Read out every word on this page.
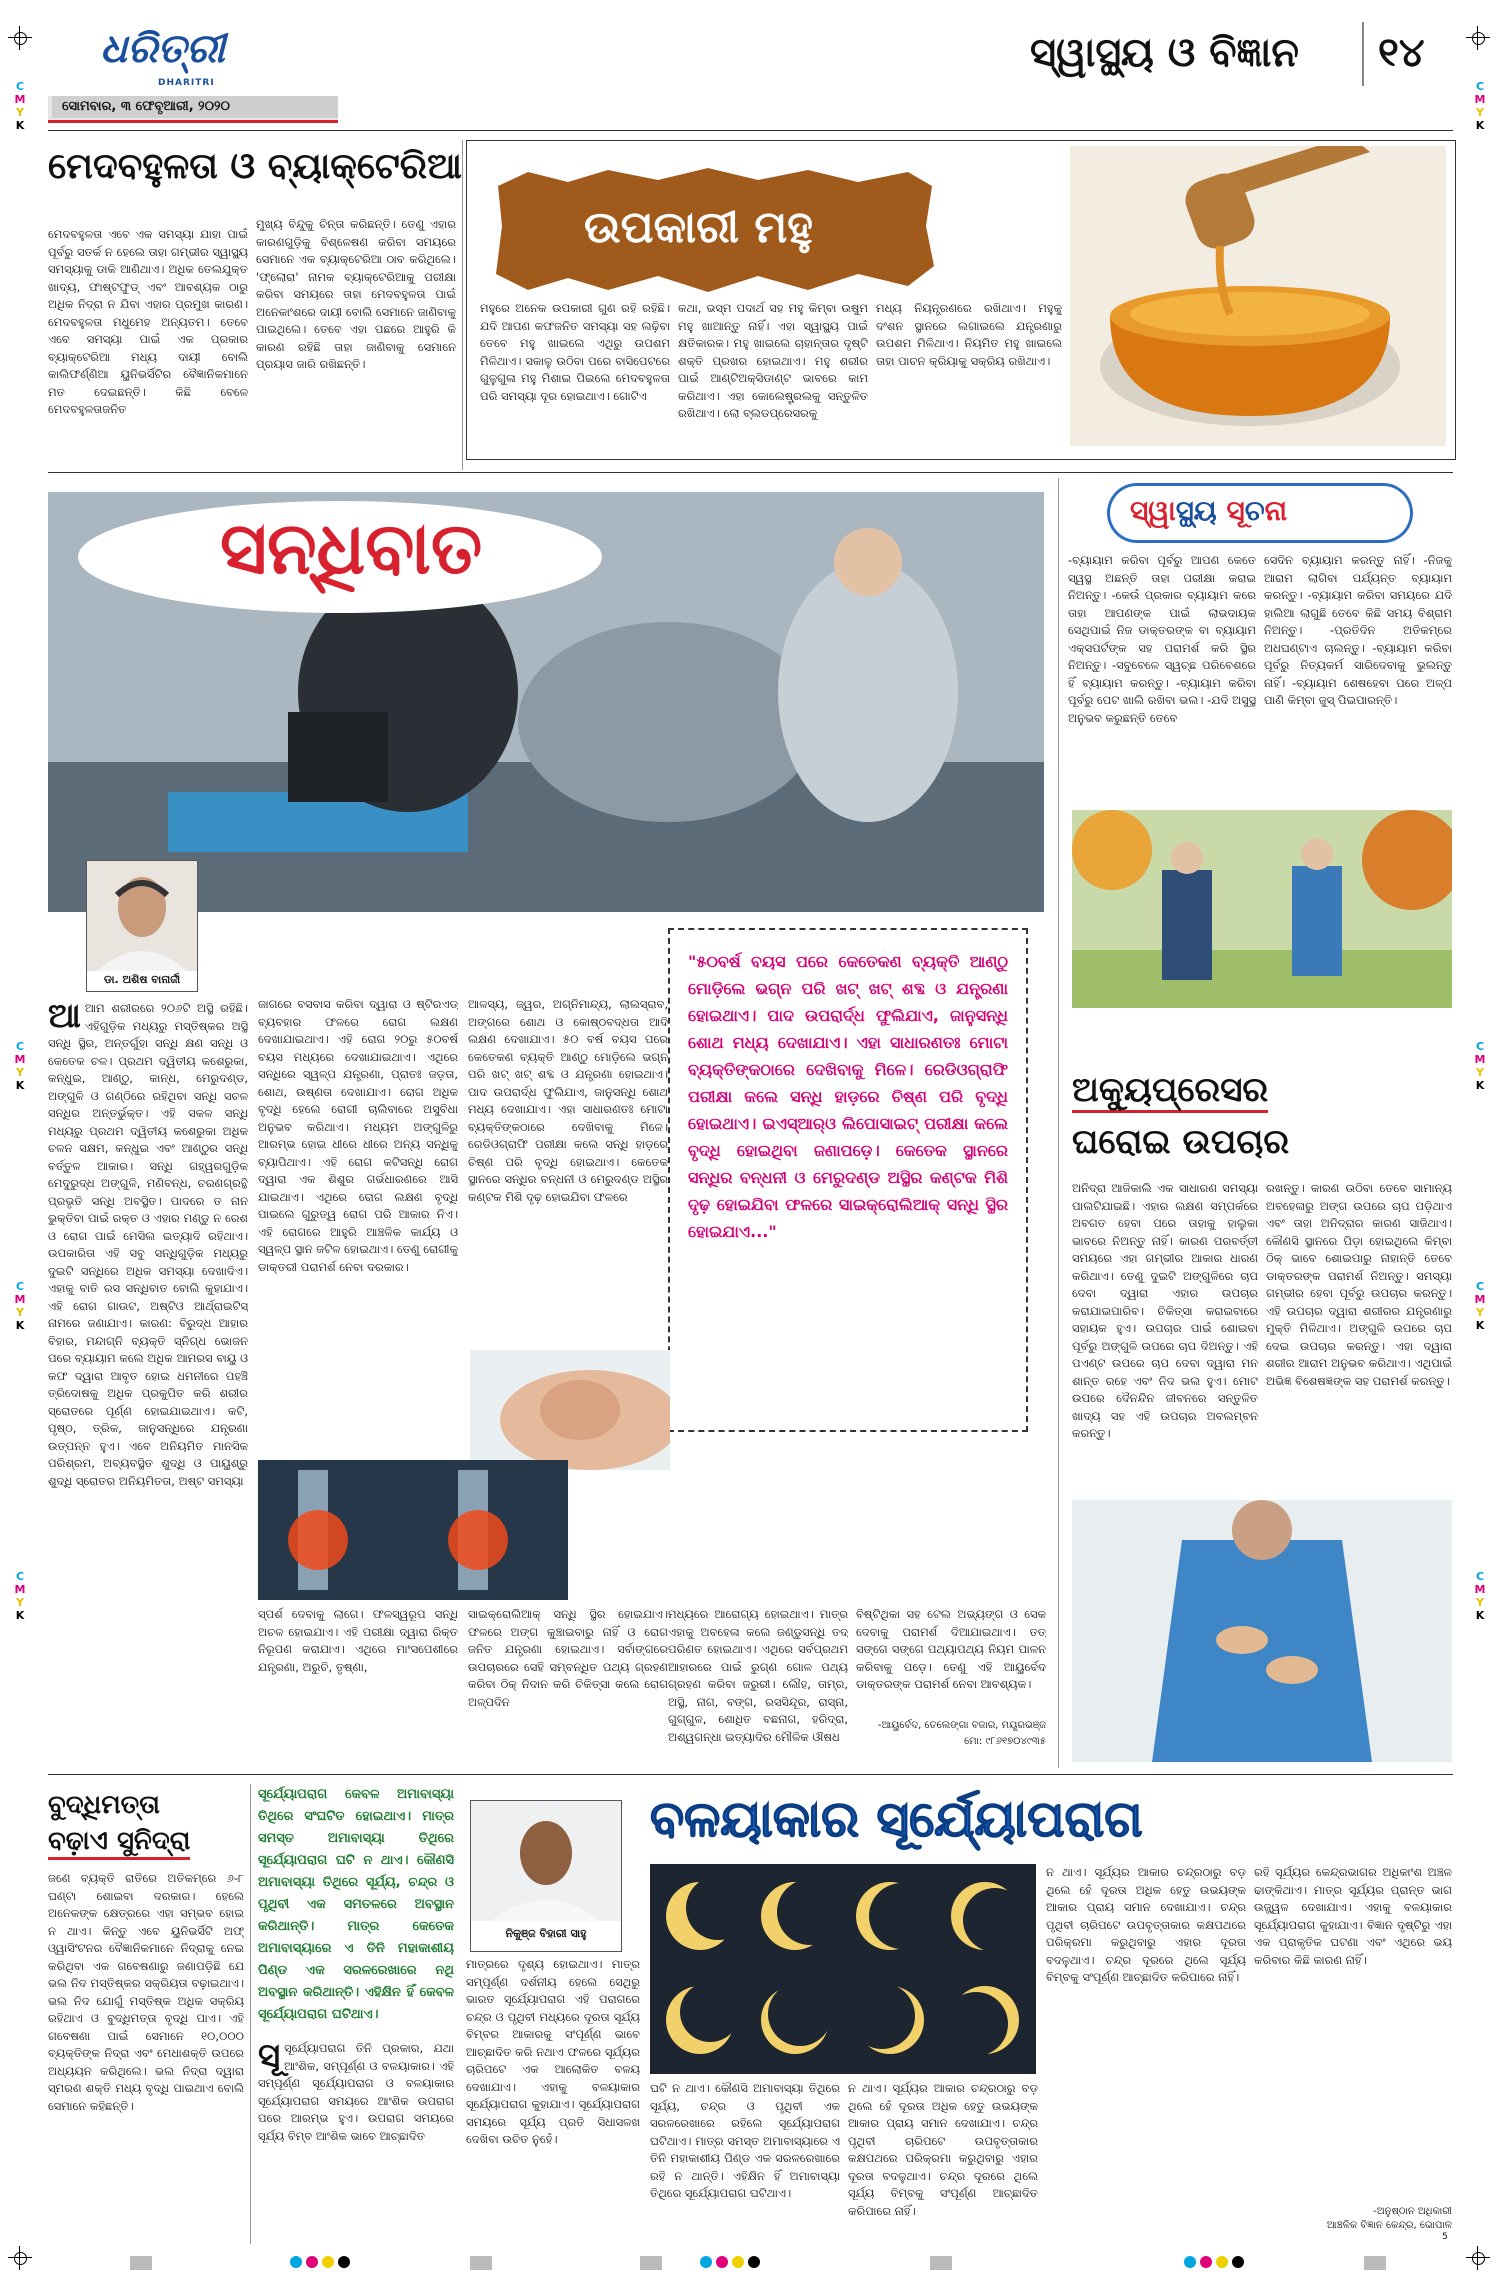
C
M
Y
K
C
M
Y
K
C
M
Y
K
C
M
Y
K
C
M
Y
K
C
M
Y
K
C
M
Y
K
C
M
Y
K
ଧରିତ୍ରୀ
DHARITRI
ସୋମବାର, ୩ ଫେବୃଆରୀ, ୨୦୨୦
ସ୍ୱାସ୍ଥ୍ୟ ଓ ବିଜ୍ଞାନ ୧୪
ମେଦବହୁଳତା ଓ ବ୍ୟାକ୍ଟେରିଆ

ମେଦବହୁଳତା ଏବେ ଏକ ସମସ୍ୟା ଯାହା ପାଇଁ ପୂର୍ବରୁ ସତର୍କ ନ ହେଲେ ତାହା ଗମ୍ଭୀର ସ୍ୱାସ୍ଥ୍ୟ ସମସ୍ୟାକୁ ଡାକି ଆଣିଥାଏ। ଅଧିକ ତେଲଯୁକ୍ତ ଖାଦ୍ୟ, ଫାଷ୍ଟଫୁଡ୍ ଏବଂ ଆବଶ୍ୟକ ଠାରୁ ଅଧିକ ନିଦ୍ରା ନ ଯିବା ଏହାର ପ୍ରମୁଖ କାରଣ। ମେଦବହୁଳତା ମଧୁମେହ ଅନ୍ୟତମ। ତେବେ ଏବେ ସମସ୍ୟା ପାଇଁ ଏକ ପ୍ରକାର ବ୍ୟାକ୍ଟେରିଆ ମଧ୍ୟ ଦାୟୀ ବୋଲି କାଲିଫର୍ଣ୍ଣିଆ ୟୁନିଭର୍ସିଟିର ବୈଜ୍ଞାନିକମାନେ ମତ ଦେଇଛନ୍ତି। କିଛି ବେଳେ ମେଦବହୁଳତାଜନିତ

ମୁଖ୍ୟ ବିନ୍ଦୁକୁ ଚିନ୍ତା କରିଛନ୍ତି। ତେଣୁ ଏହାର କାରଣଗୁଡ଼ିକୁ ବିଶ୍ଳେଷଣ କରିବା ସମୟରେ ସେମାନେ ଏକ ବ୍ୟାକ୍ଟେରିଆ ଠାବ କରିଥିଲେ। 'ଫ୍ଲୋରା' ନାମକ ବ୍ୟାକ୍ଟେରିଆକୁ ପରୀକ୍ଷା କରିବା ସମୟରେ ତାହା ମେଦବହୁଳତା ପାଇଁ ଅନେକାଂଶରେ ଦାୟୀ ବୋଲି ସେମାନେ ଜାଣିବାକୁ ପାଇଥିଲେ। ତେବେ ଏହା ପଛରେ ଆହୁରି କି କାରଣ ରହିଛି ତାହା ଜାଣିବାକୁ ସେମାନେ ପ୍ରୟାସ ଜାରି ରଖିଛନ୍ତି।

ଉପକାରୀ ମହୁ

ମହୁରେ ଅନେକ ଉପକାରୀ ଗୁଣ ରହି ରହିଛି। ଯଦି ଆପଣ କଫଜନିତ ସମସ୍ୟା ସହ ଲଢ଼ିବା ତେବେ ମହୁ ଖାଇଲେ ଏଥିରୁ ଉପଶମ ମିଳିଥାଏ। ସକାଳୁ ଉଠିବା ପରେ ବାସିପେଟରେ ଗୁଳୁଗୁଳା ମହୁ ମିଶାଇ ପିଇଲେ ମେଦବହୁଳତା ପରି ସମସ୍ୟା ଦୂର ହୋଇଥାଏ। ଗୋଟିଏ

କଥା, ଭସ୍ମ ପଦାର୍ଥ ସହ ମହୁ କିମ୍ବା ଉଷୁମ ମହୁ ଖାଆନ୍ତୁ ନାହିଁ। ଏହା ସ୍ୱାସ୍ଥ୍ୟ ପାଇଁ କ୍ଷତିକାରକ। ମହୁ ଖାଇଲେ ଚାହାନ୍ତାର ଦୃଷ୍ଟି ଶକ୍ତି ପ୍ରଖର ହୋଇଥାଏ। ମହୁ ଶରୀର ପାଇଁ ଆଣ୍ଟିଅକ୍ସିଡାଣ୍ଟ ଭାବରେ କାମ କରିଥାଏ। ଏହା କୋଲେଷ୍ଟ୍ରଲକୁ ସନ୍ତୁଳିତ ରଖିଥାଏ। ଲୋ ବ୍ଲଡପ୍ରେସରକୁ

ମଧ୍ୟ ନିୟନ୍ତ୍ରଣରେ ରଖିଥାଏ। ମହୁକୁ ଦଂଶନ ସ୍ଥାନରେ ଲଗାଇଲେ ଯନ୍ତ୍ରଣାରୁ ଉପଶମ ମିଳିଥାଏ। ନିୟମିତ ମହୁ ଖାଇଲେ ତାହା ପାଚନ କ୍ରିୟାକୁ ସକ୍ରିୟ ରଖିଥାଏ।

ସନ୍ଧିବାତ
ଡା. ଅଶିଷ ବାନାର୍ଜୀ
ଆ ଆମ ଶରୀରରେ ୨୦୬ଟି ଅସ୍ଥି ରହିଛି। ଏହିଗୁଡ଼ିକ ମଧ୍ୟରୁ ମସ୍ତିଷ୍କର ଅସ୍ଥି ସନ୍ଧି ସ୍ଥିର, ଅନ୍ତର୍ଗୁହା ସନ୍ଧି କ୍ଷଣ ସନ୍ଧି ଓ କେତେକ ଚଳ। ପ୍ରଥମ ଦ୍ୱିତୀୟ କଶେରୁକା, କନ୍ଧୁଇ, ଆଣ୍ଠୁ, କାନ୍ଧ, ମେରୁଦଣ୍ଡ, ଅଙ୍ଗୁଳି ଓ ଗଣ୍ଠିରେ ରହିଥିବା ସନ୍ଧି ସଚଳ ସନ୍ଧିର ଅନ୍ତର୍ଭୁକ୍ତ। ଏହି ସକଳ ସନ୍ଧି ମଧ୍ୟରୁ ପ୍ରଥମ ଦ୍ୱିତୀୟ କଶେରୁକା ଅଧିକ ଚଳନ ସକ୍ଷମ, କନ୍ଧୁଇ ଏବଂ ଆଣ୍ଠୁର ସନ୍ଧି ବର୍ତ୍ତୁଳ ଆକାର। ସନ୍ଧି ଗହ୍ୱରଗୁଡ଼ିକ ମେଦୁରୁଦ୍ଧ ଅଙ୍ଗୁଳି, ମଣିବନ୍ଧ, ଚରଣଗ୍ରନ୍ଥି ପ୍ରଭୃତି ସନ୍ଧି ଅବସ୍ଥିତ। ପାଦରେ ତ ନାନ ଭୁକ୍ତିବା ପାଇଁ ରକ୍ତ ଓ ଏହାର ମଣ୍ଡୁ ନ ରେଶ ଓ ରୋଗ ପାଇଁ ମେସିଲ ଇତ୍ୟାଦି ରହିଥାଏ। ଉପକାରିତା ଏହି ସବୁ ସନ୍ଧିଗୁଡ଼ିକ ମଧ୍ୟରୁ ଦୁଇଟି ସନ୍ଧିରେ ଅଧିକ ସମସ୍ୟା ଦେଖାଦିଏ। ଏହାକୁ ବାତି ରସ ସନ୍ଧିବାତ ବୋଲି କୁହାଯାଏ। ଏହି ରୋଗ ଗାଉଟ, ଅଷ୍ଟିଓ ଆର୍ଥ୍ରାଇଟିସ୍ ନାମରେ ଜଣାଯାଏ। କାରଣ: ବିରୁଦ୍ଧ ଆହାର ବିହାର, ମନ୍ଦାଗ୍ନି ବ୍ୟକ୍ତି ସ୍ନିଗ୍ଧ ଭୋଜନ ପରେ ବ୍ୟାୟାମ କଲେ ଅଧିକ ଆମରସ ବାୟୁ ଓ କଫ ଦ୍ୱାରା ଆବୃତ ହୋଇ ଧମନୀରେ ପହଞ୍ଚି ତ୍ରିଦୋଷକୁ ଅଧିକ ପ୍ରକୁପିତ କରି ଶରୀର ସ୍ରୋତରେ ପୂର୍ଣ୍ଣ ହୋଇଯାଇଥାଏ। କଟି, ପୃଷ୍ଠ, ତ୍ରିକ, ଜାନୁସନ୍ଧିରେ ଯନ୍ତ୍ରଣା ଉତ୍ପନ୍ନ ହୁଏ। ଏବେ ଅନିୟମିତ ମାନସିକ ପରିଶ୍ରମ, ଅବ୍ୟବସ୍ଥିତ ଶୁଦ୍ଧି ଓ ପାୟୁଶ୍ରୁ ଶୁଦ୍ଧି ସ୍ରୋତର ଅନିୟମିତତା, ଅଷ୍ଟ ସମସ୍ୟା

ଜାଗରେ ବସବାସ କରିବା ଦ୍ୱାରା ଓ ଷ୍ଟିରଏଡ୍ ବ୍ୟବହାର ଫଳରେ ରୋଗ ଲକ୍ଷଣ ଦେଖାଯାଇଥାଏ। ଏହି ରୋଗ ୨୦ରୁ ୫୦ବର୍ଷ ବୟସ ମଧ୍ୟରେ ଦେଖାଯାଇଥାଏ। ଏଥିରେ ସନ୍ଧିରେ ସ୍ୱଳ୍ପ ଯନ୍ତ୍ରଣା, ପ୍ରାତଃ ଜଡ଼ତା, ଶୋଥ, ଉଷ୍ଣତା ଦେଖାଯାଏ। ରୋଗ ଅଧିକ ବୃଦ୍ଧି ହେଲେ ରୋଗୀ ଚାଲିବାରେ ଅସୁବିଧା ଅନୁଭବ କରିଥାଏ। ମଧ୍ୟମ ଅଙ୍ଗୁଳିରୁ ଆରମ୍ଭ ହୋଇ ଧୀରେ ଧୀରେ ଅନ୍ୟ ସନ୍ଧିକୁ ବ୍ୟାପିଥାଏ। ଏହି ରୋଗ କଟିସନ୍ଧି ରୋଗ ଦ୍ୱାରା ଏକ ଶିଶୁର ଗର୍ଭଧାରଣରେ ଆସି ଯାଇଥାଏ। ଏଥିରେ ରୋଗ ଲକ୍ଷଣ ବୃଦ୍ଧି ପାଇଲେ ଗୁରୁତ୍ୱ ରୋଗ ପରି ଆକାର ନିଏ। ଏହି ରୋଗରେ ଆହୁରି ଆଞ୍ଚଳିକ କାର୍ଯ୍ୟ ଓ ସ୍ୱଳ୍ପ ସ୍ଥାନ ଜଟିଳ ହୋଇଥାଏ। ତେଣୁ ରୋଗୀକୁ ଡାକ୍ତରୀ ପରାମର୍ଶ ନେବା ଦରକାର।

ଆଳସ୍ୟ, ଜ୍ୱର, ଅଗ୍ନିମାନ୍ଦ୍ୟ, ଲାଲସ୍ରାବ, ଅଙ୍ଗରେ ଶୋଥ ଓ କୋଷ୍ଠବଦ୍ଧତା ଆଦି ଲକ୍ଷଣ ଦେଖାଯାଏ। ୫୦ ବର୍ଷ ବୟସ ପରେ କେତେକଣ ବ୍ୟକ୍ତି ଆଣ୍ଠୁ ମୋଡ଼ିଲେ ଭଗ୍ନ ପରି ଖଟ୍ ଖଟ୍ ଶବ୍ଦ ଓ ଯନ୍ତ୍ରଣା ହୋଇଥାଏ। ପାଦ ଉପରାର୍ଦ୍ଧ ଫୁଲିଯାଏ, ଜାନୁସନ୍ଧି ଶୋଥ ମଧ୍ୟ ଦେଖାଯାଏ। ଏହା ସାଧାରଣତଃ ମୋଟା ବ୍ୟକ୍ତିଙ୍କଠାରେ ଦେଖିବାକୁ ମିଳେ। ରେଡିଓଗ୍ରାଫି ପରୀକ୍ଷା କଲେ ସନ୍ଧି ହାଡ଼ରେ ଚିଷ୍ଣ ପରି ବୃଦ୍ଧି ହୋଇଥାଏ। କେତେକ ସ୍ଥାନରେ ସନ୍ଧିର ବନ୍ଧନୀ ଓ ମେରୁଦଣ୍ଡ ଅସ୍ଥିର କଣ୍ଟକ ମିଶି ଦୃଢ଼ ହୋଇଯିବା ଫଳରେ

"୫୦ବର୍ଷ ବୟସ ପରେ କେତେକଣ ବ୍ୟକ୍ତି ଆଣ୍ଠୁ ମୋଡ଼ିଲେ ଭଗ୍ନ ପରି ଖଟ୍ ଖଟ୍ ଶବ୍ଦ ଓ ଯନ୍ତ୍ରଣା ହୋଇଥାଏ। ପାଦ ଉପରାର୍ଦ୍ଧ ଫୁଲିଯାଏ, ଜାନୁସନ୍ଧି ଶୋଥ ମଧ୍ୟ ଦେଖାଯାଏ। ଏହା ସାଧାରଣତଃ ମୋଟା ବ୍ୟକ୍ତିଙ୍କଠାରେ ଦେଖିବାକୁ ମିଳେ। ରେଡିଓଗ୍ରାଫି ପରୀକ୍ଷା କଲେ ସନ୍ଧି ହାଡ଼ରେ ଚିଷ୍ଣ ପରି ବୃଦ୍ଧି ହୋଇଥାଏ। ଇଏସ୍‌ଆର୍‌ଓ ଲିପୋସାଇଟ୍ ପରୀକ୍ଷା କଲେ ବୃଦ୍ଧି ହୋଇଥିବା ଜଣାପଡ଼େ। କେତେକ ସ୍ଥାନରେ ସନ୍ଧିର ବନ୍ଧନୀ ଓ ମେରୁଦଣ୍ଡ ଅସ୍ଥିର କଣ୍ଟକ ମିଶି ଦୃଢ଼ ହୋଇଯିବା ଫଳରେ ସାଇକ୍ରୋଲିଆକ୍ ସନ୍ଧି ସ୍ଥିର ହୋଇଯାଏ..."

ସ୍ପର୍ଶ ଦେବାକୁ ଲାଗେ। ଫଳସ୍ୱରୂପ ସନ୍ଧି ଅଚଳ ହୋଇଯାଏ। ଏହି ପରୀକ୍ଷା ଦ୍ୱାରା ରିକ୍ତ ନିରୂପଣ କରାଯାଏ। ଏଥିରେ ମାଂସପେଶୀରେ ଯନ୍ତ୍ରଣା, ଅରୁଚି, ତୃଷ୍ଣା,

ସାଇକ୍ରୋଲିଆକ୍ ସନ୍ଧି ସ୍ଥିର ହୋଇଯାଏ। ଫଳରେ ଅଙ୍ଗ କୁଞ୍ଚାଇବାରୁ ନାହିଁ ଓ ରୋଗ ଜନିତ ଯନ୍ତ୍ରଣା ହୋଇଥାଏ। ସର୍ବାଙ୍ଗରେ ଉପଚାରରେ ସେହି ସମ୍ବନ୍ଧିତ ପଥ୍ୟ ଗ୍ରହଣ କରିବା ଠିକ୍ ନିଦାନ କରି ଚିକିତ୍ସା କଲେ ରୋଗ ଅଳ୍ପଦିନ

ମଧ୍ୟରେ ଆରୋଗ୍ୟ ହୋଇଥାଏ। ମାତ୍ର ଏହାକୁ ଅବହେଳା କଲେ ଜଣ୍ଡୁସନ୍ଧି ତଦ୍ ପରିଣତ ହୋଇଥାଏ। ଏଥିରେ ସର୍ବପ୍ରଥମ ଆହାରରେ ପାଇଁ ରୁଗ୍ଣ ଗୋଳ ପଥ୍ୟ ଗ୍ରହଣ କରିବା ଜରୁରୀ। ଲୌହ, ତାମ୍ର, ଅସ୍ଥି, ନାଗ, ବଙ୍ଗ, ରସସିନ୍ଦୂର, ରାସ୍ନା, ଗୁଗ୍ଗୁଳ, ଶୋଧିତ ବଛନାଗ, ହରିଦ୍ରା, ଅଶ୍ୱଗନ୍ଧା ଇତ୍ୟାଦିର ମୌଳିକ ଔଷଧ

ବିଷ୍ଟିଥିକା ସହ ଟେଲ ଅଭ୍ୟଙ୍ଗ ଓ ସେକ ଦେବାକୁ ପରାମର୍ଶ ଦିଆଯାଇଥାଏ। ତତ୍ ସଙ୍ଗେ ସଙ୍ଗେ ପଥ୍ୟାପଥ୍ୟ ନିୟମ ପାଳନ କରିବାକୁ ପଡ଼େ। ତେଣୁ ଏହି ଆୟୁର୍ବେଦ ଡାକ୍ତରଙ୍କ ପରାମର୍ଶ ନେବା ଆବଶ୍ୟକ।

-ଆୟୁର୍ବେଦ, ତେଲେଙ୍ଗା ବଜାର, ମୟୂରଭଞ୍ଜ
ମୋ: ୯୮୬୧୭୦୪୯୩୫
ସ୍ୱାସ୍ଥ୍ୟ ସୂଚନା

-ବ୍ୟାୟାମ କରିବା ପୂର୍ବରୁ ଆପଣ କେତେ ସ୍ୱସ୍ଥ ଅଛନ୍ତି ତାହା ପରୀକ୍ଷା କରାଇ ନିଅନ୍ତୁ। -କେଉଁ ପ୍ରକାର ବ୍ୟାୟାମ କରେ ତାହା ଆପଣଙ୍କ ପାଇଁ ଲାଭଦାୟକ ସେଥିପାଇଁ ନିଜ ଡାକ୍ତରଙ୍କ ବା ବ୍ୟାୟାମ ଏକ୍ସପର୍ଟଙ୍କ ସହ ପରାମର୍ଶ କରି ସ୍ଥିର ନିଅନ୍ତୁ। -ସବୁବେଳେ ସ୍ୱଚ୍ଛ ପରିବେଶରେ ହିଁ ବ୍ୟାୟାମ କରନ୍ତୁ। -ବ୍ୟାୟାମ କରିବା ପୂର୍ବରୁ ପେଟ ଖାଲି ରଖିବା ଭଲ। -ଯଦି ଅସୁସ୍ଥ ଅନୁଭବ କରୁଛନ୍ତି ତେବେ

ସେଦିନ ବ୍ୟାୟାମ କରନ୍ତୁ ନାହିଁ। -ନିଜକୁ ଆରାମ ଲାଗିବା ପର୍ଯ୍ୟନ୍ତ ବ୍ୟାୟାମ କରନ୍ତୁ। -ବ୍ୟାୟାମ କରିବା ସମୟରେ ଯଦି ହାଲିଆ ଲାଗୁଛି ତେବେ କିଛି ସମୟ ବିଶ୍ରାମ ନିଅନ୍ତୁ। -ପ୍ରତିଦିନ ଅତିକମ୍ରେ ଅଧଘଣ୍ଟାଏ ଚାଲନ୍ତୁ। -ବ୍ୟାୟାମ କରିବା ପୂର୍ବରୁ ନିତ୍ୟକର୍ମ ସାରିଦେବାକୁ ଭୁଲନ୍ତୁ ନାହିଁ। -ବ୍ୟାୟାମ ଶେଷହେବା ପରେ ଅଳ୍ପ ପାଣି କିମ୍ବା ଜୁସ୍ ପିଇପାରନ୍ତି।

ଅକ୍ୟୁପ୍ରେସର
ଘରୋଇ ଉପଚାର

ଅନିଦ୍ରା ଆଜିକାଲି ଏକ ସାଧାରଣ ସମସ୍ୟା ପାଲଟିଯାଇଛି। ଏହାର ଲକ୍ଷଣ ସମ୍ପର୍କରେ ଅବଗତ ହେବା ପରେ ତାହାକୁ ହାଲୁକା ଭାବରେ ନିଅନ୍ତୁ ନାହିଁ। କାରଣ ପରବର୍ତ୍ତୀ ସମୟରେ ଏହା ଗମ୍ଭୀର ଆକାର ଧାରଣ କରିଥାଏ। ତେଣୁ ଦୁଇଟି ଅଙ୍ଗୁଳିରେ ଚାପ ଦେବା ଦ୍ୱାରା ଏହାର ଉପଚାର କରାଯାଇପାରିବ। ଚିକିତ୍ସା କରାଇବାରେ ସହାୟକ ହୁଏ। ଉପଚାର ପାଇଁ ଶୋଇବା ପୂର୍ବରୁ ଅଙ୍ଗୁଳି ଉପରେ ଚାପ ଦିଅନ୍ତୁ। ଏହି ପଏଣ୍ଟ ଉପରେ ଚାପ ଦେବା ଦ୍ୱାରା ମନ ଶାନ୍ତ ରହେ ଏବଂ ନିଦ ଭଲ ହୁଏ। ମୋଟ ଉପରେ ଦୈନନ୍ଦିନ ଜୀବନରେ ସନ୍ତୁଳିତ ଖାଦ୍ୟ ସହ ଏହି ଉପଚାର ଅବଲମ୍ବନ କରନ୍ତୁ।

ରଖନ୍ତୁ। କାରଣ ଉଠିବା ତେବେ ସାମାନ୍ୟ ଅବହେଳାରୁ ଅଙ୍ଗ ଉପରେ ଚାପ ପଡ଼ିଥାଏ ଏବଂ ତାହା ଅନିଦ୍ରାର କାରଣ ସାଜିଥାଏ। କୌଣସି ସ୍ଥାନରେ ପିଡ଼ା ହୋଇଥିଲେ କିମ୍ବା ଠିକ୍ ଭାବେ ଶୋଇପାରୁ ନାହାନ୍ତି ତେବେ ଡାକ୍ତରଙ୍କ ପରାମର୍ଶ ନିଅନ୍ତୁ। ସମସ୍ୟା ଗମ୍ଭୀର ହେବା ପୂର୍ବରୁ ଉପଚାର କରନ୍ତୁ। ଏହି ଉପଚାର ଦ୍ୱାରା ଶରୀରର ଯନ୍ତ୍ରଣାରୁ ମୁକ୍ତି ମିଳିଥାଏ। ଅଙ୍ଗୁଳି ଉପରେ ଚାପ ଦେଇ ଉପଚାର କରନ୍ତୁ। ଏହା ଦ୍ୱାରା ଶରୀର ଆରାମ ଅନୁଭବ କରିଥାଏ। ଏଥିପାଇଁ ଅଭିଜ୍ଞ ବିଶେଷଜ୍ଞଙ୍କ ସହ ପରାମର୍ଶ କରନ୍ତୁ।

ବୁଦ୍ଧିମତ୍ତା
ବଢ଼ାଏ ସୁନିଦ୍ରା

ଜଣେ ବ୍ୟକ୍ତି ରାତିରେ ଅତିକମ୍‌ରେ ୬-୮ ଘଣ୍ଟା ଶୋଇବା ଦରକାର। ହେଲେ ଅନେକଙ୍କ କ୍ଷେତ୍ରରେ ଏହା ସମ୍ଭବ ହୋଇ ନ ଥାଏ। କିନ୍ତୁ ଏବେ ୟୁନିଭର୍ସିଟି ଅଫ୍ ଓ୍ୱାସିଂଟନର ବୈଜ୍ଞାନିକମାନେ ନିଦ୍ରାକୁ ନେଇ କରିଥିବା ଏକ ଗବେଷଣାରୁ ଜଣାପଡ଼ିଛି ଯେ ଭଲ ନିଦ ମସ୍ତିଷ୍କର ସକ୍ରିୟତା ବଢ଼ାଇଥାଏ। ଭଲ ନିଦ ଯୋଗୁଁ ମସ୍ତିଷ୍କ ଅଧିକ ସକ୍ରିୟ ରହିଥାଏ ଓ ବୁଦ୍ଧିମତ୍ତା ବୃଦ୍ଧି ପାଏ। ଏହି ଗବେଷଣା ପାଇଁ ସେମାନେ ୧୦,୦୦୦ ବ୍ୟକ୍ତିଙ୍କ ନିଦ୍ରା ଏବଂ ମେଧାଶକ୍ତି ଉପରେ ଅଧ୍ୟୟନ କରିଥିଲେ। ଭଲ ନିଦ୍ରା ଦ୍ୱାରା ସ୍ମରଣ ଶକ୍ତି ମଧ୍ୟ ବୃଦ୍ଧି ପାଇଥାଏ ବୋଲି ସେମାନେ କହିଛନ୍ତି।

ସୂର୍ଯ୍ୟୋପରାଗ କେବଳ ଅମାବାସ୍ୟା ତିଥିରେ ସଂଘଟିତ ହୋଇଥାଏ। ମାତ୍ର ସମସ୍ତ ଅମାବାସ୍ୟା ତିଥିରେ ସୂର୍ଯ୍ୟୋପରାଗ ଘଟି ନ ଥାଏ। କୌଣସି ଅମାବାସ୍ୟା ତିଥିରେ ସୂର୍ଯ୍ୟ, ଚନ୍ଦ୍ର ଓ ପୃଥିବୀ ଏକ ସମତଳରେ ଅବସ୍ଥାନ କରିଥାନ୍ତି। ମାତ୍ର କେତେକ ଅମାବାସ୍ୟାରେ ଏ ତିନି ମହାକାଶୀୟ ପିଣ୍ଡ ଏକ ସରଳରେଖାରେ ନଥି ଅବସ୍ଥାନ କରିଥାନ୍ତି। ଏହିକ୍ଷିନ ହିଁ କେବଳ ସୂର୍ଯ୍ୟୋପରାଗ ଘଟିଥାଏ।
ନିକୁଞ୍ଜ ବିହାରୀ ସାହୁ
ବଳୟାକାର ସୂର୍ଯ୍ୟୋପରାଗ
ସୂ ସୂର୍ଯ୍ୟୋପରାଗ ତିନି ପ୍ରକାର, ଯଥା ଆଂଶିକ, ସମ୍ପୂର୍ଣ୍ଣ ଓ ବଳୟାକାର। ଏହି ସମ୍ପୂର୍ଣ୍ଣ ସୂର୍ଯ୍ୟୋପରାଗ ଓ ବଳୟାକାର ସୂର୍ଯ୍ୟୋପରାଗ ସମୟରେ ଆଂଶିକ ଉପରାଗ ପରେ ଆରମ୍ଭ ହୁଏ। ଉପରାଗ ସମୟରେ ସୂର୍ଯ୍ୟ ବିମ୍ବ ଆଂଶିକ ଭାବେ ଆଚ୍ଛାଦିତ

ମାତ୍ରରେ ଦୃଶ୍ୟ ହୋଇଥାଏ। ମାତ୍ର ସମ୍ପୂର୍ଣ୍ଣ ଦର୍ଶନୀୟ ହେଲେ ସେଥିରୁ ଭାରତ ସୂର୍ଯ୍ୟୋପରାଗ ଏହି ପରାଗରେ ଚନ୍ଦ୍ର ଓ ପୃଥିବୀ ମଧ୍ୟରେ ଦୂରତା ସୂର୍ଯ୍ୟ ବିମ୍ବର ଆକାରକୁ ସଂପୂର୍ଣ୍ଣ ଭାବେ ଆଚ୍ଛାଦିତ କରି ନଥାଏ ଫଳରେ ସୂର୍ଯ୍ୟର ଚାରିପଟେ ଏକ ଆଲୋକିତ ବଳୟ ଦେଖାଯାଏ। ଏହାକୁ ବଳୟାକାର ସୂର୍ଯ୍ୟୋପରାଗ କୁହାଯାଏ। ସୂର୍ଯ୍ୟୋପରାଗ ସମୟରେ ସୂର୍ଯ୍ୟ ପ୍ରତି ସିଧାସଳଖ ଦେଖିବା ଉଚିତ ନୁହେଁ।

ଘଟି ନ ଥାଏ। କୌଣସି ଅମାବାସ୍ୟା ତିଥିରେ ସୂର୍ଯ୍ୟ, ଚନ୍ଦ୍ର ଓ ପୃଥିବୀ ଏକ ସରଳରେଖାରେ ରହିଲେ ସୂର୍ଯ୍ୟୋପରାଗ ଘଟିଥାଏ। ମାତ୍ର ସମସ୍ତ ଅମାବାସ୍ୟାରେ ଏ ତିନି ମହାକାଶୀୟ ପିଣ୍ଡ ଏକ ସରଳରେଖାରେ ରହି ନ ଥାନ୍ତି। ଏହିକ୍ଷିନ ହିଁ ଅମାବାସ୍ୟା ତିଥିରେ ସୂର୍ଯ୍ୟୋପରାଗ ଘଟିଥାଏ।

ନ ଥାଏ। ସୂର୍ଯ୍ୟର ଆକାର ଚନ୍ଦ୍ରଠାରୁ ବଡ଼ ଥିଲେ ହେଁ ଦୂରତା ଅଧିକ ହେତୁ ଉଭୟଙ୍କ ଆକାର ପ୍ରାୟ ସମାନ ଦେଖାଯାଏ। ଚନ୍ଦ୍ର ପୃଥିବୀ ଚାରିପଟେ ଉପବୃତ୍ତାକାର କକ୍ଷପଥରେ ପରିକ୍ରମା କରୁଥିବାରୁ ଏହାର ଦୂରତା ବଦଳୁଥାଏ। ଚନ୍ଦ୍ର ଦୂରରେ ଥିଲେ ସୂର୍ଯ୍ୟ ବିମ୍ବକୁ ସଂପୂର୍ଣ୍ଣ ଆଚ୍ଛାଦିତ କରିପାରେ ନାହିଁ।

ନ ଥାଏ। ସୂର୍ଯ୍ୟର ଆକାର ଚନ୍ଦ୍ରଠାରୁ ବଡ଼ ଥିଲେ ହେଁ ଦୂରତା ଅଧିକ ହେତୁ ଉଭୟଙ୍କ ଆକାର ପ୍ରାୟ ସମାନ ଦେଖାଯାଏ। ଚନ୍ଦ୍ର ପୃଥିବୀ ଚାରିପଟେ ଉପବୃତ୍ତାକାର କକ୍ଷପଥରେ ପରିକ୍ରମା କରୁଥିବାରୁ ଏହାର ଦୂରତା ବଦଳୁଥାଏ। ଚନ୍ଦ୍ର ଦୂରରେ ଥିଲେ ସୂର୍ଯ୍ୟ ବିମ୍ବକୁ ସଂପୂର୍ଣ୍ଣ ଆଚ୍ଛାଦିତ କରିପାରେ ନାହିଁ।

ରହି ସୂର୍ଯ୍ୟର କେନ୍ଦ୍ରଭାଗର ଅଧିକାଂଶ ଅଞ୍ଚଳ ଢାଙ୍କିଥାଏ। ମାତ୍ର ସୂର୍ଯ୍ୟର ପ୍ରାନ୍ତ ଭାଗ ଉଜ୍ଜ୍ୱଳ ଦେଖାଯାଏ। ଏହାକୁ ବଳୟାକାର ସୂର୍ଯ୍ୟୋପରାଗ କୁହାଯାଏ। ବିଜ୍ଞାନ ଦୃଷ୍ଟିରୁ ଏହା ଏକ ପ୍ରାକୃତିକ ଘଟଣା ଏବଂ ଏଥିରେ ଭୟ କରିବାର କିଛି କାରଣ ନାହିଁ।

-ଅନୁଷ୍ଠାନ ଅଧିକାରୀ
ଆଞ୍ଚଳିକ ବିଜ୍ଞାନ କେନ୍ଦ୍ର, ଭୋପାଳ
5
